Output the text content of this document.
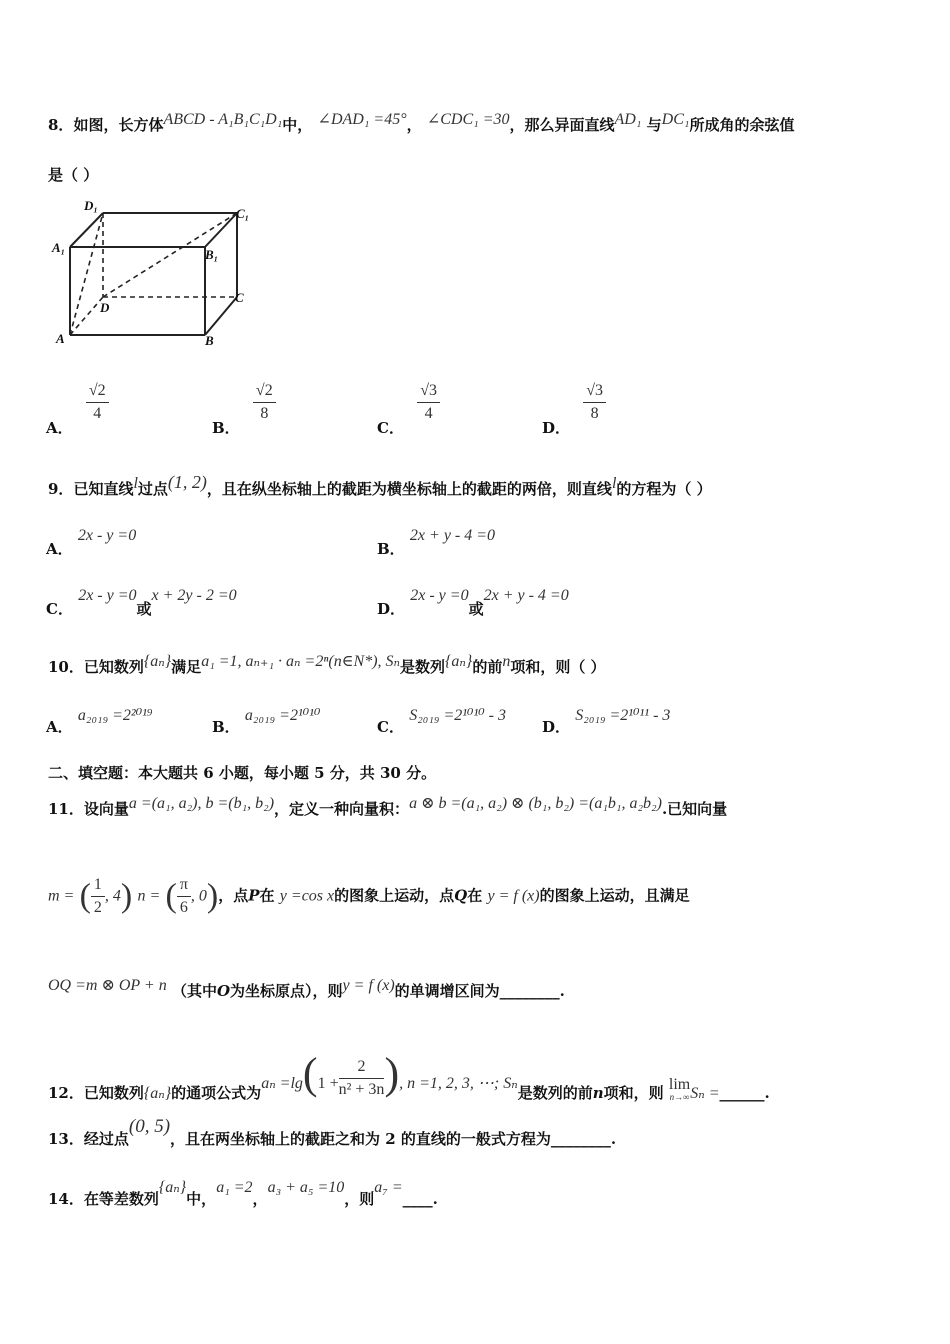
8．如图，长方体ABCD - A₁B₁C₁D₁中， ∠DAD₁ =45°， ∠CDC₁ =30，那么异面直线AD₁ 与DC₁所成角的余弦值
是（ ）
D₁
C₁
A₁	B₁
D
C
A	B
A．
$\frac{√2}{4}$
B．
$\frac{√2}{8}$
C．
$\frac{√3}{4}$
D．
$\frac{√3}{8}$
9．已知直线l过点(1, 2)，且在纵坐标轴上的截距为横坐标轴上的截距的两倍，则直线l的方程为（ ）
A． 2x - y =0
B． 2x + y - 4 =0
C． 2x - y =0或x + 2y - 2 =0
D． 2x - y =0或2x + y - 4 =0
10．已知数列{aₙ}满足a₁ =1, aₙ₊₁ · aₙ =2ⁿ(n∈N*), Sₙ是数列{aₙ}的前n项和，则（ ）
A． a₂₀₁₉ =2²⁰¹⁹
B． a₂₀₁₉ =2¹⁰¹⁰
C． S₂₀₁₉ =2¹⁰¹⁰ - 3
D． S₂₀₁₉ =2¹⁰¹¹ - 3
二、填空题：本大题共 6 小题，每小题 5 分，共 30 分。
11．设向量a =(a₁, a₂), b =(b₁, b₂)，定义一种向量积：a ⊗ b =(a₁, a₂) ⊗ (b₁, b₂) =(a₁b₁, a₂b₂).已知向量
m = ( $\frac{1}{2}$ , 4) n = ( $\frac{\pi}{6}$ , 0)，点P在 y =cos x的图象上运动，点Q在 y = f (x)的图象上运动，且满足
OQ =m ⊗ OP + n （其中O为坐标原点），则y = f (x)的单调增区间为________.
12．已知数列{aₙ}的通项公式为$a_n =\lg(1 + \frac{2}{\text{n² + 3n}}$ ), n =1, 2, 3, ⋯; Sₙ是数列的前n项和，则 lim
n→∞ Sₙ =______.
13．经过点(0, 5)，且在两坐标轴上的截距之和为 2 的直线的一般式方程为________.
14．在等差数列{aₙ}中，a₁ =2，a₃ + a₅ =10，则a₇ =____.
